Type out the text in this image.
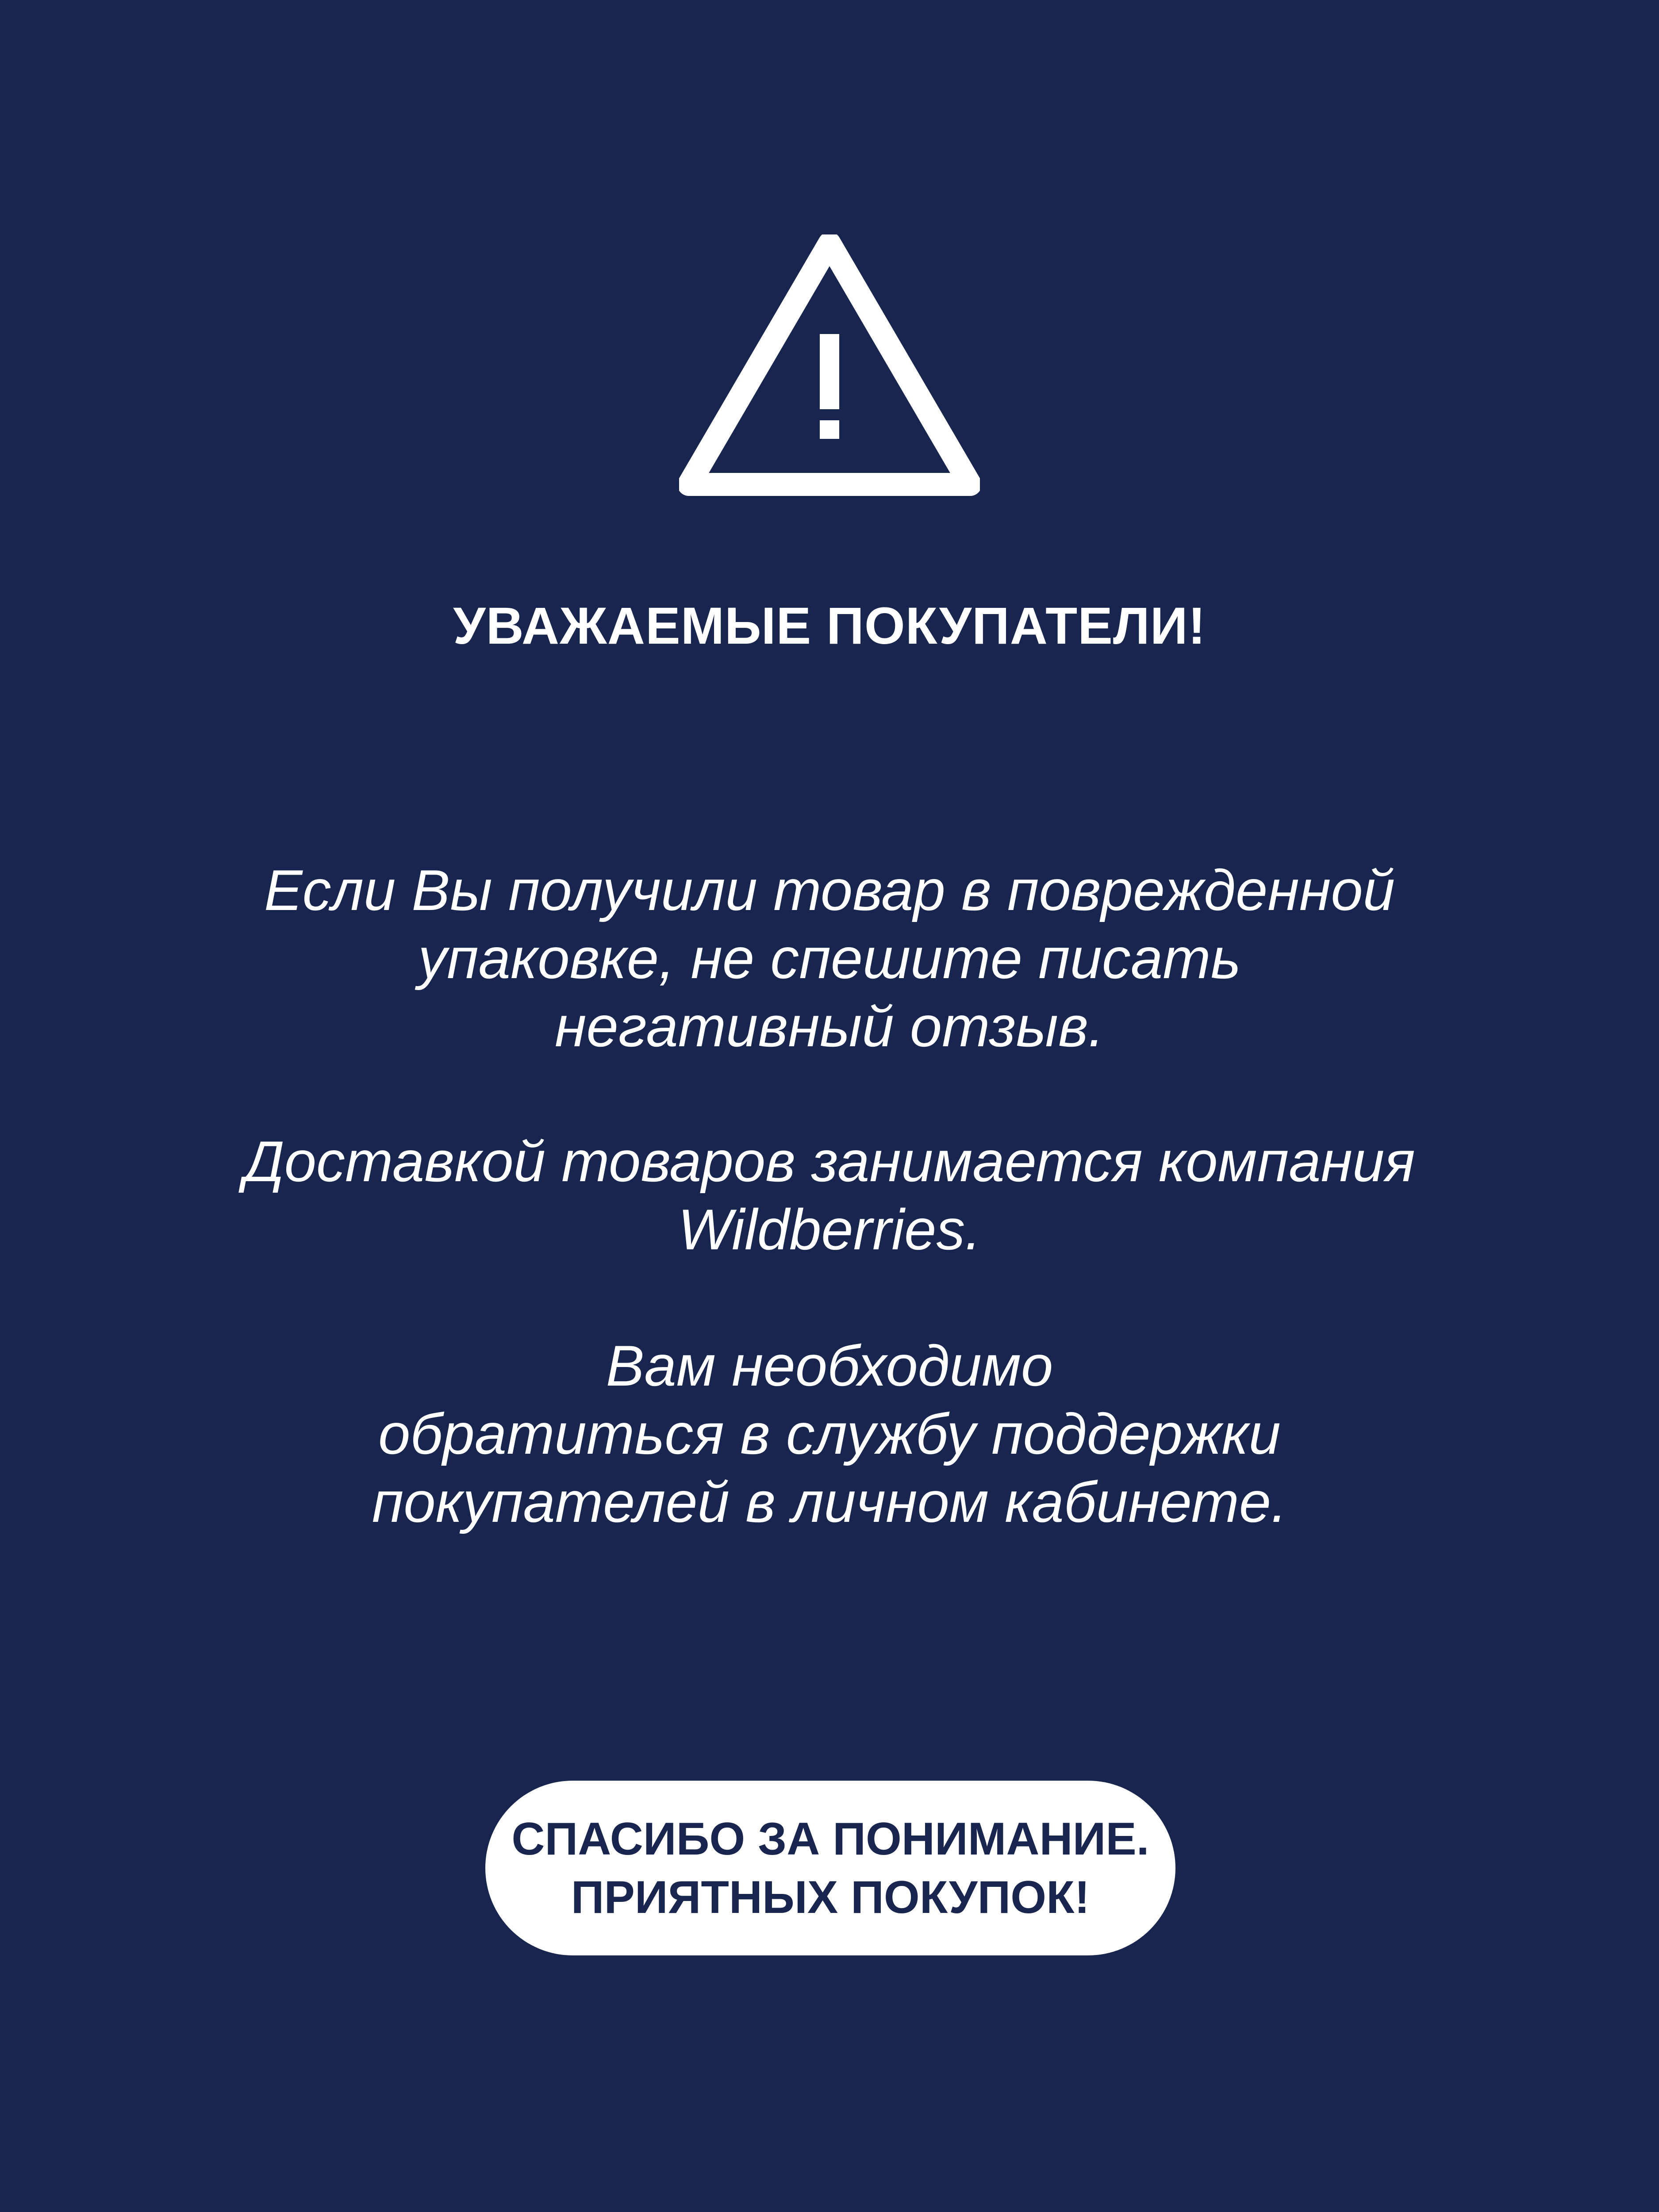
УВАЖАЕМЫЕ ПОКУПАТЕЛИ!
Если Вы получили товар в поврежденной
упаковке, не спешите писать
негативный отзыв.
Доставкой товаров занимается компания
Wildberries.
Вам необходимо
обратиться в службу поддержки
покупателей в личном кабинете.
СПАСИБО ЗА ПОНИМАНИЕ.
ПРИЯТНЫХ ПОКУПОК!
